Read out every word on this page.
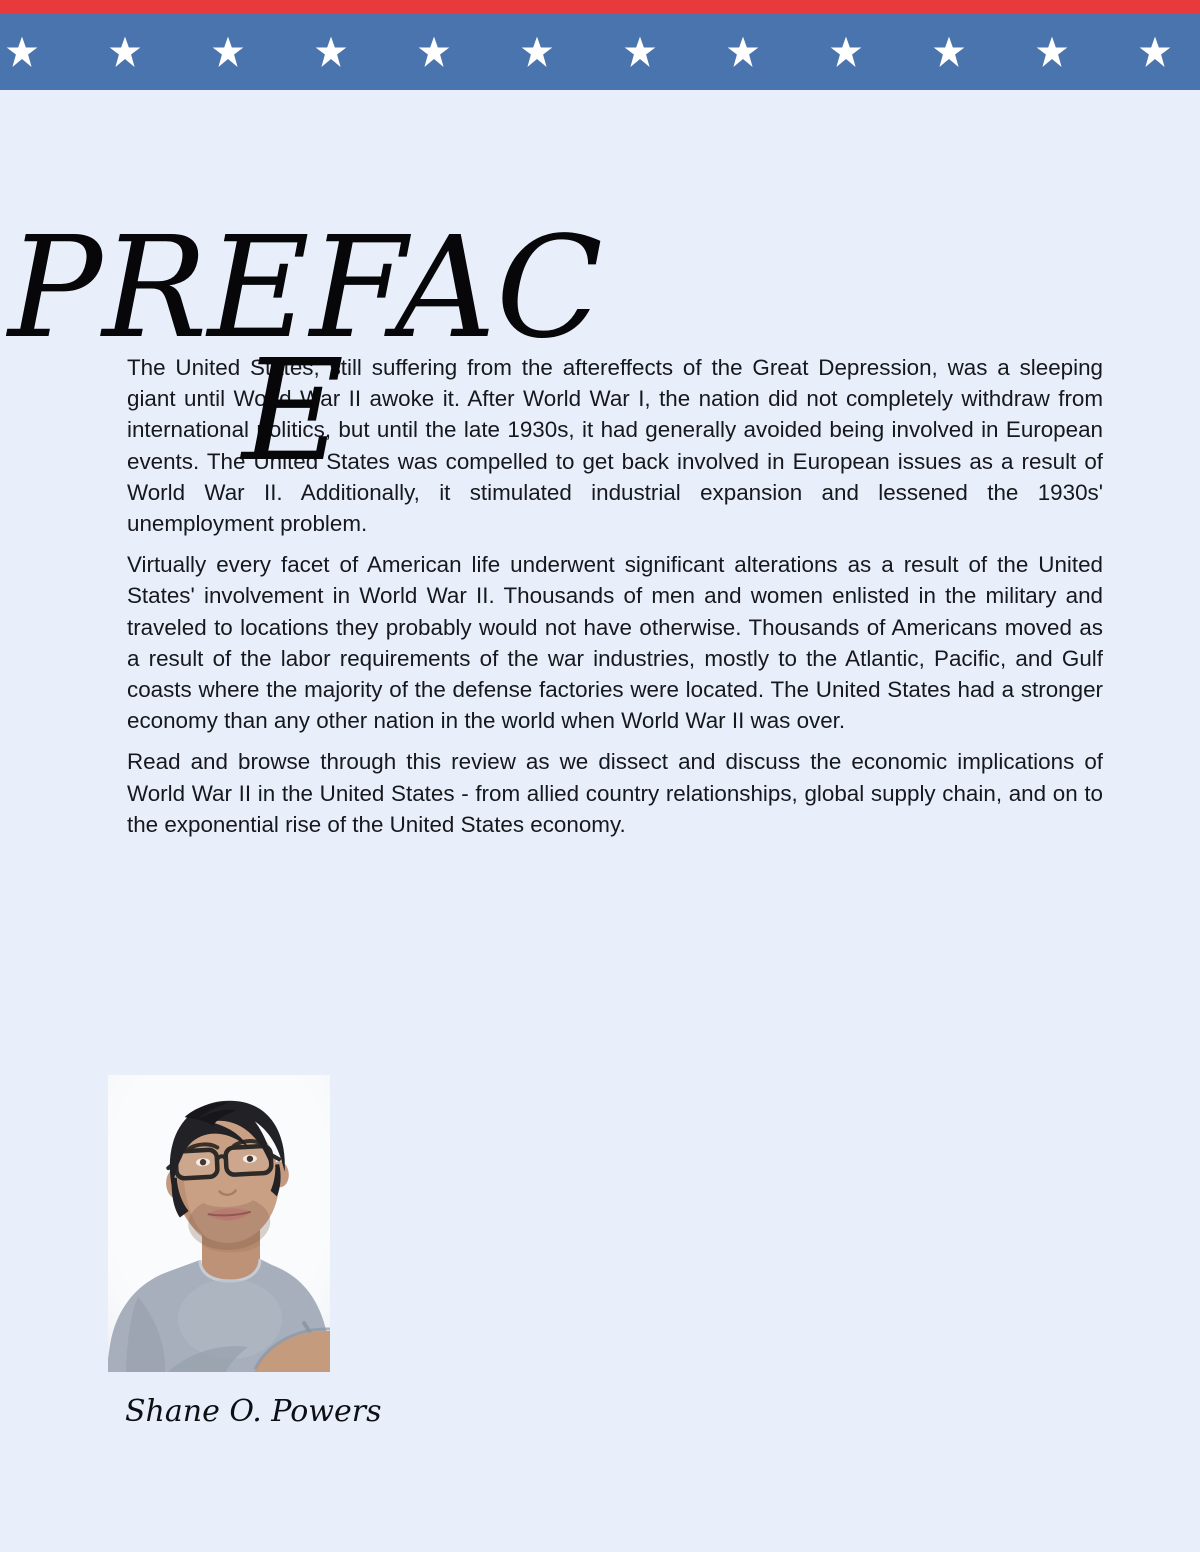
PREFAC
E

The United States, still suffering from the aftereffects of the Great Depression, was a sleeping giant until World War II awoke it. After World War I, the nation did not completely withdraw from international politics, but until the late 1930s, it had generally avoided being involved in European events. The United States was compelled to get back involved in European issues as a result of World War II. Additionally, it stimulated industrial expansion and lessened the 1930s' unemployment problem.

Virtually every facet of American life underwent significant alterations as a result of the United States' involvement in World War II. Thousands of men and women enlisted in the military and traveled to locations they probably would not have otherwise. Thousands of Americans moved as a result of the labor requirements of the war industries, mostly to the Atlantic, Pacific, and Gulf coasts where the majority of the defense factories were located. The United States had a stronger economy than any other nation in the world when World War II was over.

Read and browse through this review as we dissect and discuss the economic implications of World War II in the United States - from allied country relationships, global supply chain, and on to the exponential rise of the United States economy.

Shane O. Powers
